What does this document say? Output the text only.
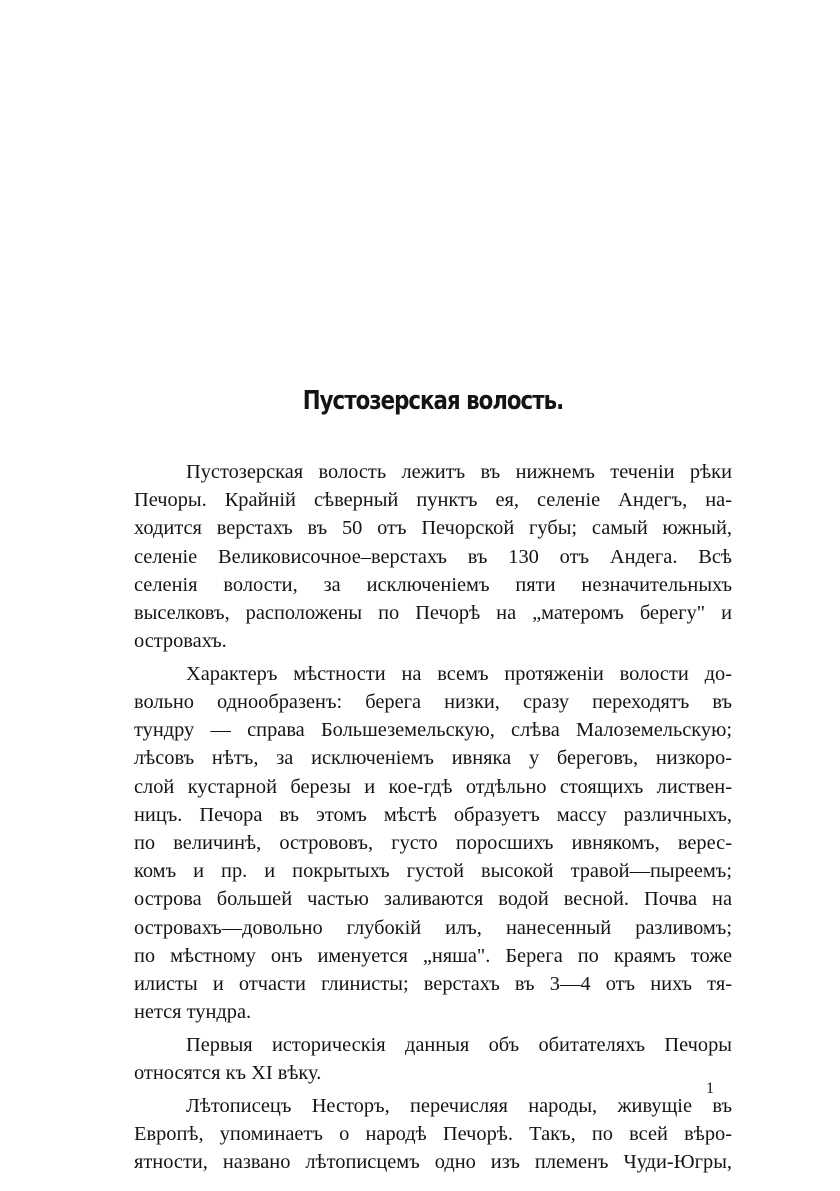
Пустозерская волость.
Пустозерская волость лежитъ въ нижнемъ теченіи рѣки
Печоры. Крайній сѣверный пунктъ ея, селеніе Андегъ, на-
ходится верстахъ въ 50 отъ Печорской губы; самый южный,
селеніе Великовисочное–верстахъ въ 130 отъ Андега. Всѣ
селенія волости, за исключеніемъ пяти незначительныхъ
выселковъ, расположены по Печорѣ на „матеромъ берегу" и
островахъ.
Характеръ мѣстности на всемъ протяженіи волости до-
вольно однообразенъ: берега низки, сразу переходятъ въ
тундру — справа Большеземельскую, слѣва Малоземельскую;
лѣсовъ нѣтъ, за исключеніемъ ивняка у береговъ, низкоро-
слой кустарной березы и кое-гдѣ отдѣльно стоящихъ листвен-
ницъ. Печора въ этомъ мѣстѣ образуетъ массу различныхъ,
по величинѣ, острововъ, густо поросшихъ ивнякомъ, верес-
комъ и пр. и покрытыхъ густой высокой травой—пыреемъ;
острова большей частью заливаются водой весной. Почва на
островахъ—довольно глубокій илъ, нанесенный разливомъ;
по мѣстному онъ именуется „няша". Берега по краямъ тоже
илисты и отчасти глинисты; верстахъ въ 3—4 отъ нихъ тя-
нется тундра.
Первыя историческія данныя объ обитателяхъ Печоры
относятся къ XI вѣку.
Лѣтописецъ Несторъ, перечисляя народы, живущіе въ
Европѣ, упоминаетъ о народѣ Печорѣ. Такъ, по всей вѣро-
ятности, названо лѣтописцемъ одно изъ племенъ Чуди-Югры,
1
